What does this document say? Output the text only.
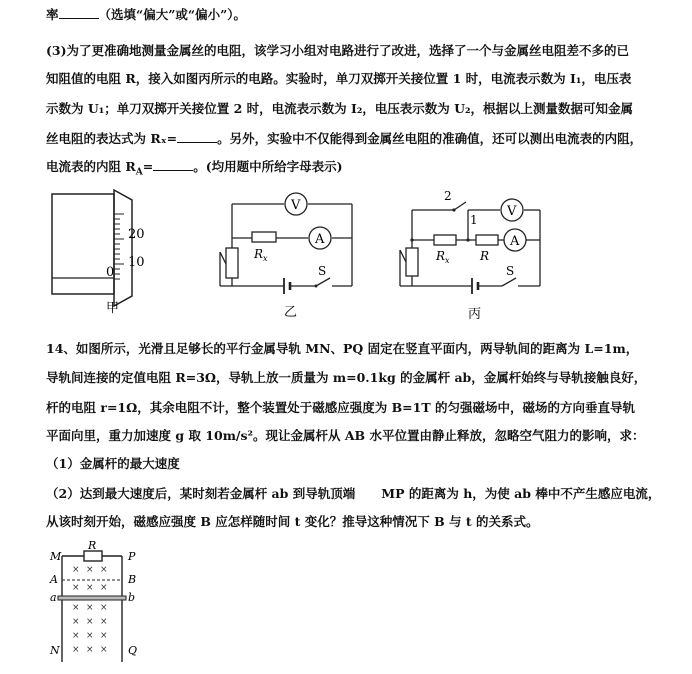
率	（选填“偏大”或“偏小”）。
(3)为了更准确地测量金属丝的电阻，该学习小组对电路进行了改进，选择了一个与金属丝电阻差不多的已
知阻值的电阻 R，接入如图丙所示的电路。实验时，单刀双掷开关接位置 1 时，电流表示数为 I₁，电压表
示数为 U₁；单刀双掷开关接位置 2 时，电流表示数为 I₂，电压表示数为 U₂，根据以上测量数据可知金属
丝电阻的表达式为 Rₓ=	。另外，实验中不仅能得到金属丝电阻的准确值，还可以测出电流表的内阻，
电流表的内阻 $R_A=$	。(均用题中所给字母表示)
20
10
0
甲
V
A
$R_x$
S
乙
2
1
V
A
$R_x$	R
S
丙
14、如图所示，光滑且足够长的平行金属导轨 MN、PQ 固定在竖直平面内，两导轨间的距离为 L=1m，
导轨间连接的定值电阻 R=3Ω，导轨上放一质量为 m=0.1kg 的金属杆 ab，金属杆始终与导轨接触良好，
杆的电阻 r=1Ω，其余电阻不计，整个装置处于磁感应强度为 B=1T 的匀强磁场中，磁场的方向垂直导轨
平面向里，重力加速度 g 取 10m/s²。现让金属杆从 AB 水平位置由静止释放，忽略空气阻力的影响，求：
（1）金属杆的最大速度
（2）达到最大速度后，某时刻若金属杆 ab 到导轨顶端 MP 的距离为 h，为使 ab 棒中不产生感应电流，
从该时刻开始，磁感应强度 B 应怎样随时间 t 变化？推导这种情况下 B 与 t 的关系式。
M	P
R
A	B
a	b
N	Q
× × ×
× × ×
× × ×
× × ×
× × ×
× × ×
